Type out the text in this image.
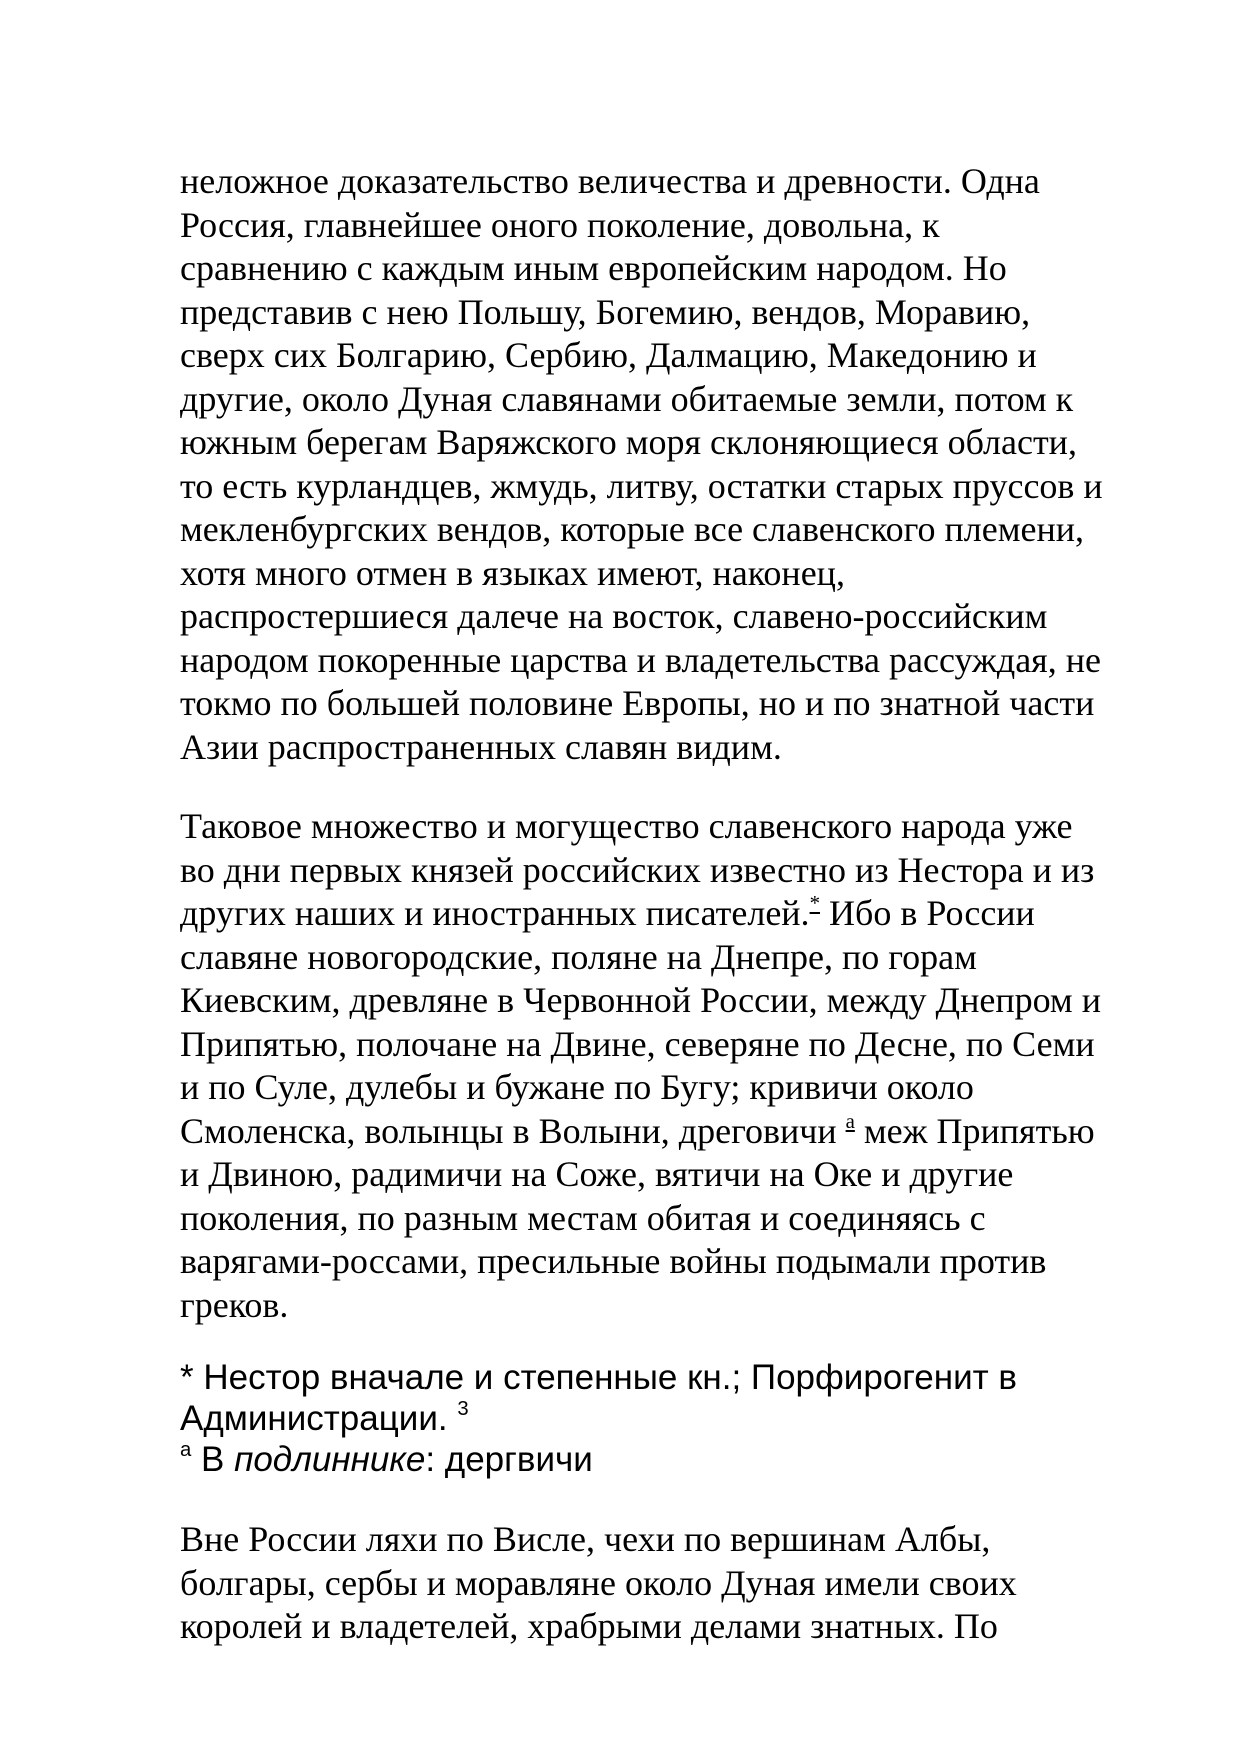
неложное доказательство величества и древности. Одна
Россия, главнейшее оного поколение, довольна, к
сравнению с каждым иным европейским народом. Но
представив с нею Польшу, Богемию, вендов, Моравию,
сверх сих Болгарию, Сербию, Далмацию, Македонию и
другие, около Дуная славянами обитаемые земли, потом к
южным берегам Варяжского моря склоняющиеся области,
то есть курландцев, жмудь, литву, остатки старых пруссов и
мекленбургских вендов, которые все славенского племени,
хотя много отмен в языках имеют, наконец,
распростершиеся далече на восток, славено-российским
народом покоренные царства и владетельства рассуждая, не
токмо по большей половине Европы, но и по знатной части
Азии распространенных славян видим.

Таковое множество и могущество славенского народа уже
во дни первых князей российских известно из Нестора и из
других наших и иностранных писателей.* Ибо в России
славяне новогородские, поляне на Днепре, по горам
Киевским, древляне в Червонной России, между Днепром и
Припятью, полочане на Двине, северяне по Десне, по Семи
и по Суле, дулебы и бужане по Бугу; кривичи около
Смоленска, волынцы в Волыни, дреговичи $^а$ меж Припятью
и Двиною, радимичи на Соже, вятичи на Оке и другие
поколения, по разным местам обитая и соединяясь с
варягами-россами, пресильные войны подымали против
греков.

* Нестор вначале и степенные кн.; Порфирогенит в
Администрации. $^3$
$^а$ В подлиннике: дергвичи

Вне России ляхи по Висле, чехи по вершинам Албы,
болгары, сербы и моравляне около Дуная имели своих
королей и владетелей, храбрыми делами знатных. По
